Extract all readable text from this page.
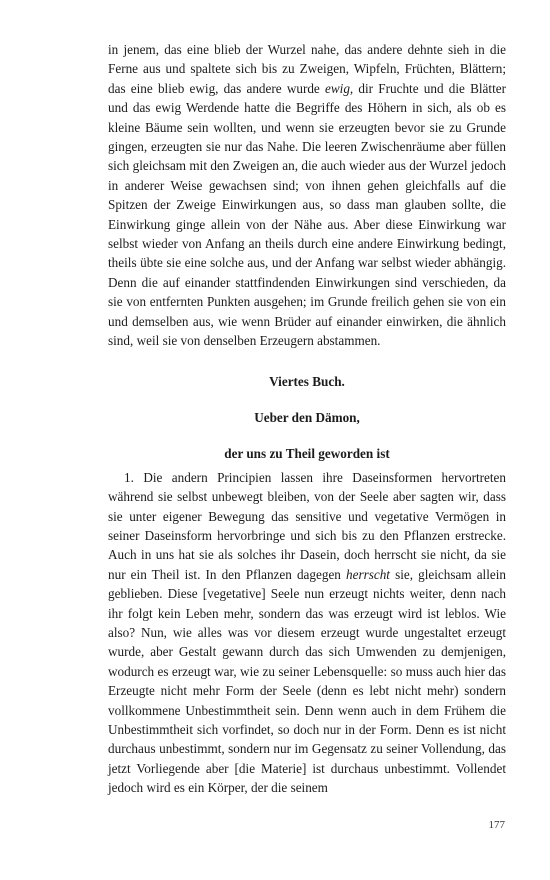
in jenem, das eine blieb der Wurzel nahe, das andere dehnte sieh in die Ferne aus und spaltete sich bis zu Zweigen, Wipfeln, Früchten, Blättern; das eine blieb ewig, das andere wurde ewig, dir Fruchte und die Blätter und das ewig Werdende hatte die Begriffe des Höhern in sich, als ob es kleine Bäume sein wollten, und wenn sie erzeugten bevor sie zu Grunde gingen, erzeugten sie nur das Nahe. Die leeren Zwischenräume aber füllen sich gleichsam mit den Zweigen an, die auch wieder aus der Wurzel jedoch in anderer Weise gewachsen sind; von ihnen gehen gleichfalls auf die Spitzen der Zweige Einwirkungen aus, so dass man glauben sollte, die Einwirkung ginge allein von der Nähe aus. Aber diese Einwirkung war selbst wieder von Anfang an theils durch eine andere Einwirkung bedingt, theils übte sie eine solche aus, und der Anfang war selbst wieder abhängig. Denn die auf einander stattfindenden Einwirkungen sind verschieden, da sie von entfernten Punkten ausgehen; im Grunde freilich gehen sie von ein und demselben aus, wie wenn Brüder auf einander einwirken, die ähnlich sind, weil sie von denselben Erzeugern abstammen.

Viertes Buch.

Ueber den Dämon,

der uns zu Theil geworden ist

1. Die andern Principien lassen ihre Daseinsformen hervortreten während sie selbst unbewegt bleiben, von der Seele aber sagten wir, dass sie unter eigener Bewegung das sensitive und vegetative Vermögen in seiner Daseinsform hervorbringe und sich bis zu den Pflanzen erstrecke. Auch in uns hat sie als solches ihr Dasein, doch herrscht sie nicht, da sie nur ein Theil ist. In den Pflanzen dagegen herrscht sie, gleichsam allein geblieben. Diese [vegetative] Seele nun erzeugt nichts weiter, denn nach ihr folgt kein Leben mehr, sondern das was erzeugt wird ist leblos. Wie also? Nun, wie alles was vor diesem erzeugt wurde ungestaltet erzeugt wurde, aber Gestalt gewann durch das sich Umwenden zu demjenigen, wodurch es erzeugt war, wie zu seiner Lebensquelle: so muss auch hier das Erzeugte nicht mehr Form der Seele (denn es lebt nicht mehr) sondern vollkommene Unbestimmtheit sein. Denn wenn auch in dem Frühem die Unbestimmtheit sich vorfindet, so doch nur in der Form. Denn es ist nicht durchaus unbestimmt, sondern nur im Gegensatz zu seiner Vollendung, das jetzt Vorliegende aber [die Materie] ist durchaus unbestimmt. Vollendet jedoch wird es ein Körper, der die seinem

177
